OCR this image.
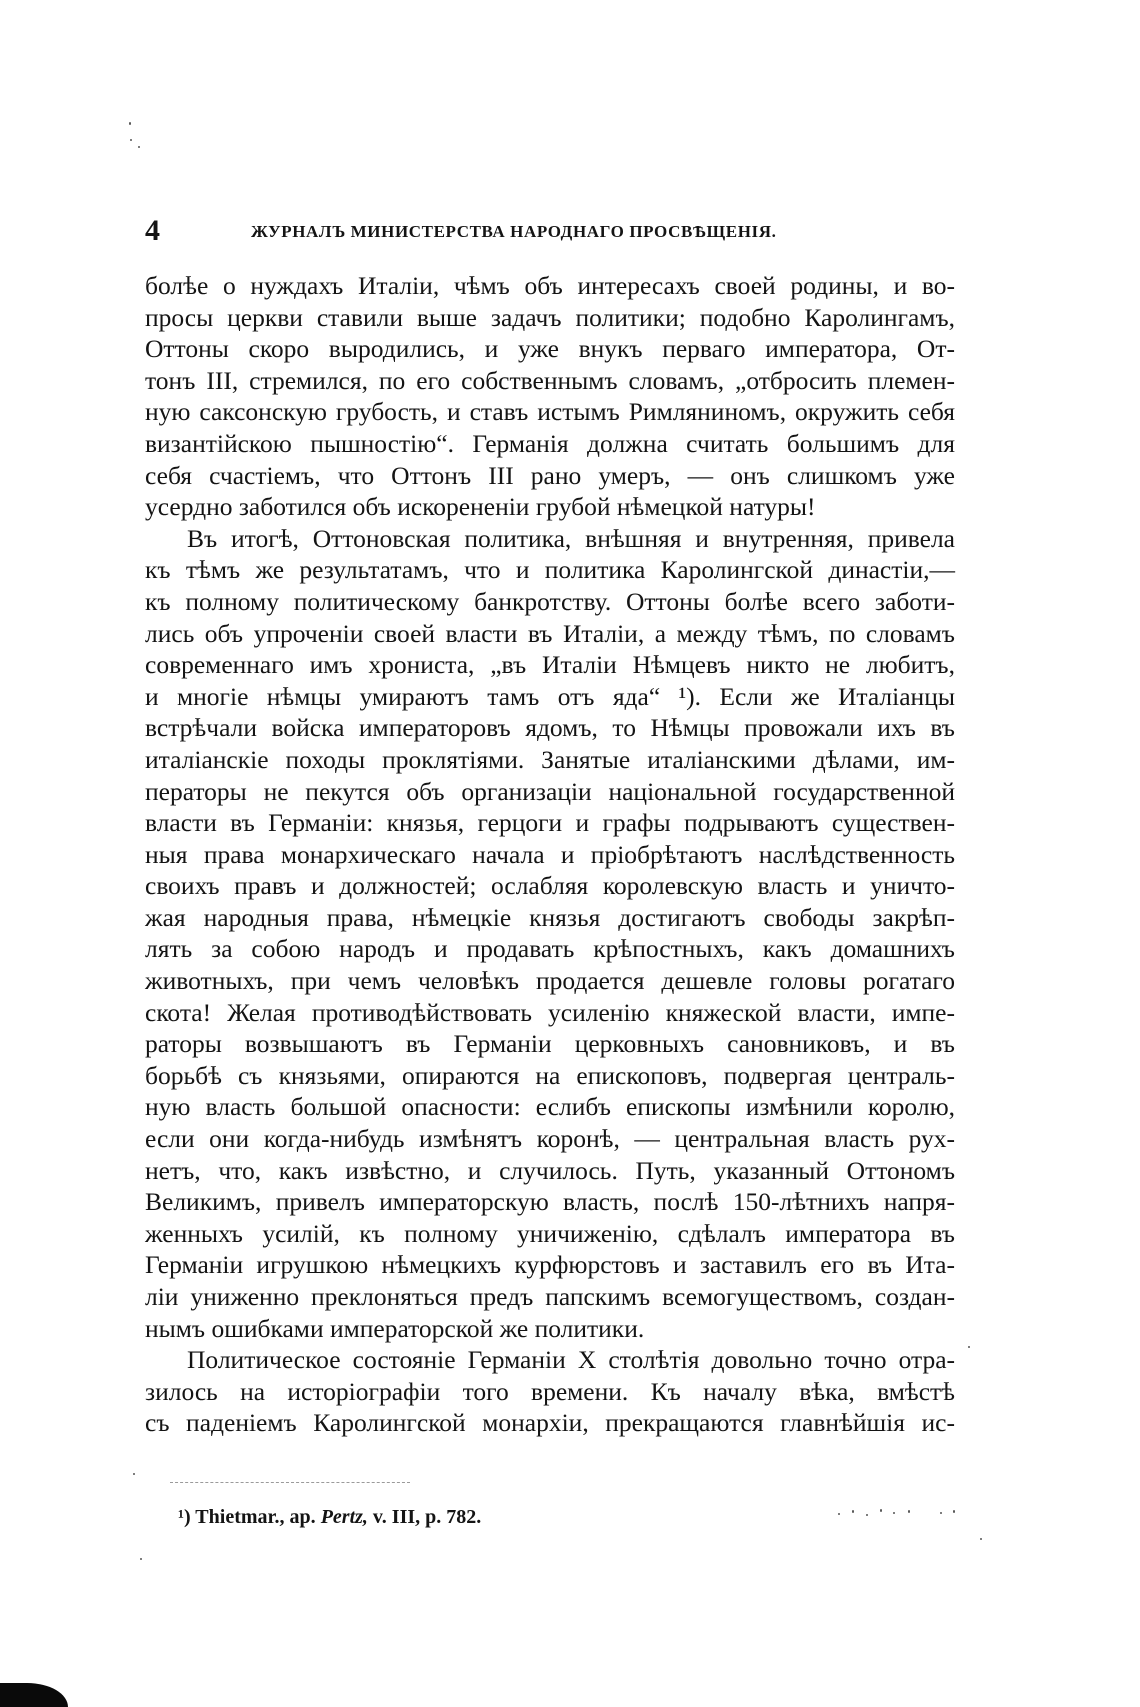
4	ЖУРНАЛЪ МИНИСТЕРСТВА НАРОДНАГО ПРОСВѢЩЕНІЯ.
болѣе о нуждахъ Италіи, чѣмъ объ интересахъ своей родины, и во-
просы церкви ставили выше задачъ политики; подобно Каролингамъ,
Оттоны скоро выродились, и уже внукъ перваго императора, От-
тонъ III, стремился, по его собственнымъ словамъ, „отбросить племен-
ную саксонскую грубость, и ставъ истымъ Римляниномъ, окружить себя
византійскою пышностію“. Германія должна считать большимъ для
себя счастіемъ, что Оттонъ III рано умеръ, — онъ слишкомъ уже
усердно заботился объ искорененіи грубой нѣмецкой натуры!
Въ итогѣ, Оттоновская политика, внѣшняя и внутренняя, привела
къ тѣмъ же результатамъ, что и политика Каролингской династіи,—
къ полному политическому банкротству. Оттоны болѣе всего заботи-
лись объ упроченіи своей власти въ Италіи, а между тѣмъ, по словамъ
современнаго имъ хрониста, „въ Италіи Нѣмцевъ никто не любитъ,
и многіе нѣмцы умираютъ тамъ отъ яда“ ¹). Если же Италіанцы
встрѣчали войска императоровъ ядомъ, то Нѣмцы провожали ихъ въ
италіанскіе походы проклятіями. Занятые италіанскими дѣлами, им-
ператоры не пекутся объ организаціи національной государственной
власти въ Германіи: князья, герцоги и графы подрываютъ существен-
ныя права монархическаго начала и пріобрѣтаютъ наслѣдственность
своихъ правъ и должностей; ослабляя королевскую власть и уничто-
жая народныя права, нѣмецкіе князья достигаютъ свободы закрѣп-
лять за собою народъ и продавать крѣпостныхъ, какъ домашнихъ
животныхъ, при чемъ человѣкъ продается дешевле головы рогатаго
скота! Желая противодѣйствовать усиленію княжеской власти, импе-
раторы возвышаютъ въ Германіи церковныхъ сановниковъ, и въ
борьбѣ съ князьями, опираются на епископовъ, подвергая централь-
ную власть большой опасности: еслибъ епископы измѣнили королю,
если они когда-нибудь измѣнятъ коронѣ, — центральная власть рух-
нетъ, что, какъ извѣстно, и случилось. Путь, указанный Оттономъ
Великимъ, привелъ императорскую власть, послѣ 150-лѣтнихъ напря-
женныхъ усилій, къ полному уничиженію, сдѣлалъ императора въ
Германіи игрушкою нѣмецкихъ курфюрстовъ и заставилъ его въ Ита-
ліи униженно преклоняться предъ папскимъ всемогуществомъ, создан-
нымъ ошибками императорской же политики.
Политическое состояніе Германіи X столѣтія довольно точно отра-
зилось на исторіографіи того времени. Къ началу вѣка, вмѣстѣ
съ паденіемъ Каролингской монархіи, прекращаются главнѣйшія ис-
¹) Thietmar., ap. Pertz, v. III, p. 782.
